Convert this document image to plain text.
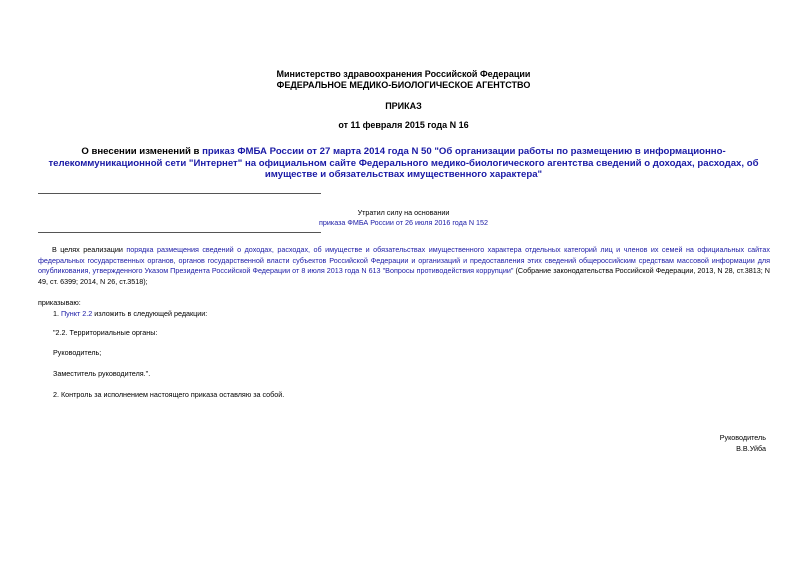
Министерство здравоохранения Российской Федерации
ФЕДЕРАЛЬНОЕ МЕДИКО-БИОЛОГИЧЕСКОЕ АГЕНТСТВО
ПРИКАЗ
от 11 февраля 2015 года N 16
О внесении изменений в приказ ФМБА России от 27 марта 2014 года N 50 "Об организации работы по размещению в информационно-телекоммуникационной сети "Интернет" на официальном сайте Федерального медико-биологического агентства сведений о доходах, расходах, об имуществе и обязательствах имущественного характера"
Утратил силу на основании
приказа ФМБА России от 26 июля 2016 года N 152
В целях реализации порядка размещения сведений о доходах, расходах, об имуществе и обязательствах имущественного характера отдельных категорий лиц и членов их семей на официальных сайтах федеральных государственных органов, органов государственной власти субъектов Российской Федерации и организаций и предоставления этих сведений общероссийским средствам массовой информации для опубликования, утвержденного Указом Президента Российской Федерации от 8 июля 2013 года N 613 "Вопросы противодействия коррупции" (Собрание законодательства Российской Федерации, 2013, N 28, ст.3813; N 49, ст. 6399; 2014, N 26, ст.3518);
приказываю:
1. Пункт 2.2 изложить в следующей редакции:
"2.2. Территориальные органы:
Руководитель;
Заместитель руководителя.".
2. Контроль за исполнением настоящего приказа оставляю за собой.
Руководитель
В.В.Уйба
